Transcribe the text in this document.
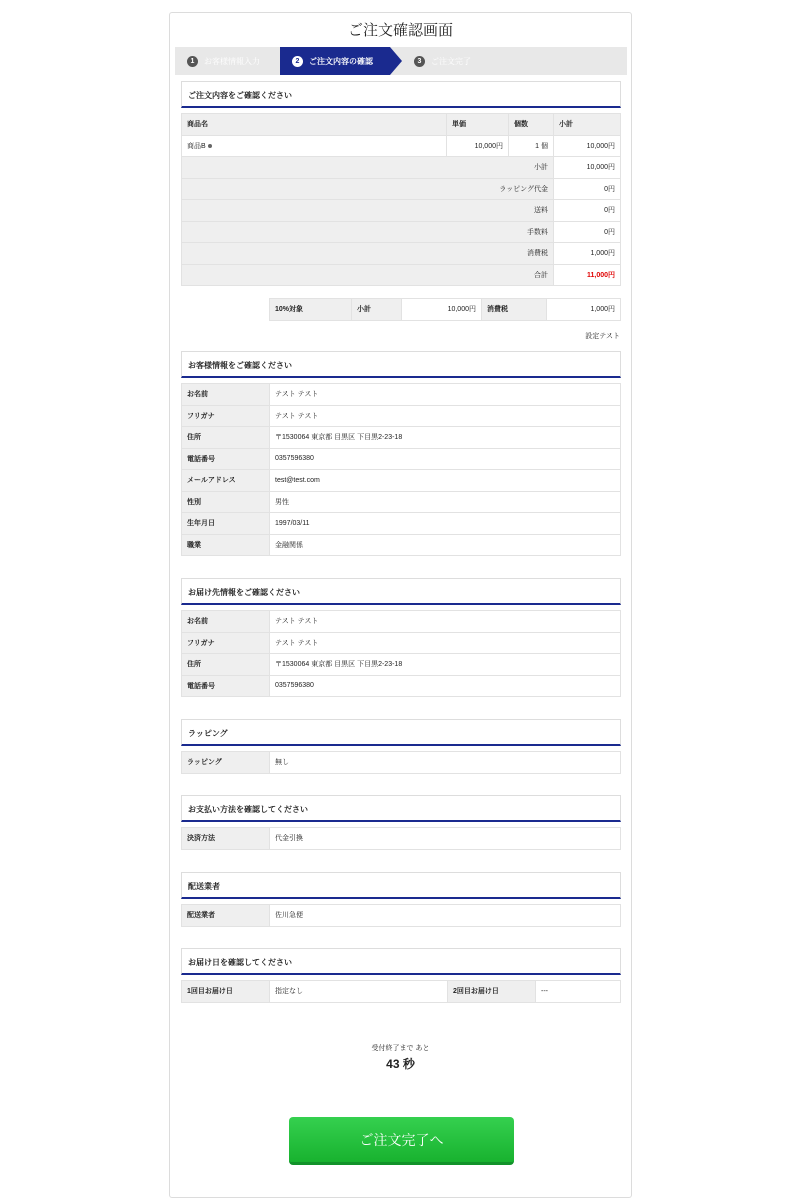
ご注文確認画面
1	お客様情報入力	2	ご注文内容の確認	3	ご注文完了
ご注文内容をご確認ください
商品名	単価	個数	小計
商品B	10,000円	1 個	10,000円
小計			10,000円
ラッピング代金			0円
送料			0円
手数料			0円
消費税			1,000円
合計			11,000円
10%対象	小計	10,000円	消費税	1,000円
設定テスト
お客様情報をご確認ください
お名前	テスト テスト
フリガナ	テスト テスト
住所	〒1530064 東京都 目黒区 下目黒2-23-18
電話番号	0357596380
メールアドレス	test@test.com
性別	男性
生年月日	1997/03/11
職業	金融関係
お届け先情報をご確認ください
お名前	テスト テスト
フリガナ	テスト テスト
住所	〒1530064 東京都 目黒区 下目黒2-23-18
電話番号	0357596380
ラッピング
ラッピング	無し
お支払い方法を確認してください
決済方法	代金引換
配送業者
配送業者	佐川急便
お届け日を確認してください
1回目お届け日	指定なし	2回目お届け日	---
受付終了まで あと
43 秒
ご注文完了へ
